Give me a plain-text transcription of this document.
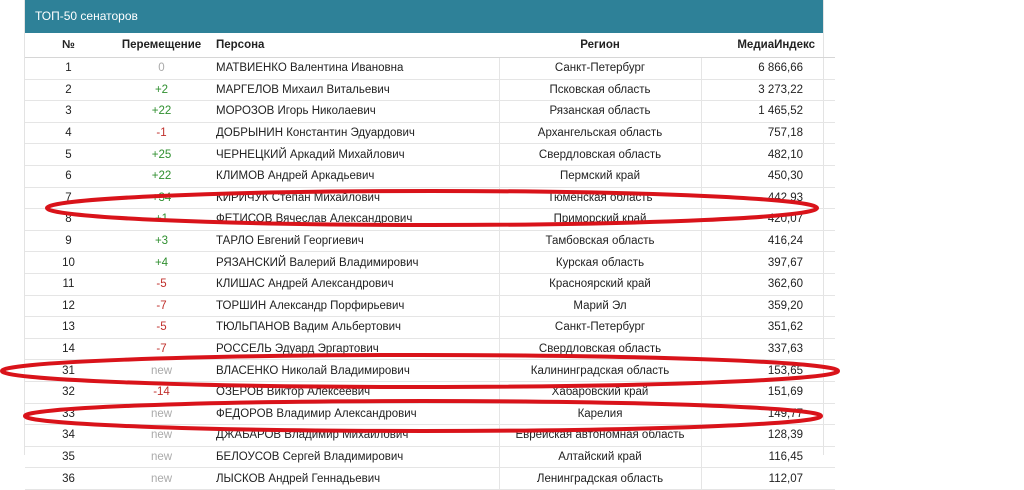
ТОП-50 сенаторов
№	Перемещение	Персона	Регион	МедиаИндекс
1	0	МАТВИЕНКО Валентина Ивановна	Санкт-Петербург	6 866,66
2	+2	МАРГЕЛОВ Михаил Витальевич	Псковская область	3 273,22
3	+22	МОРОЗОВ Игорь Николаевич	Рязанская область	1 465,52
4	-1	ДОБРЫНИН Константин Эдуардович	Архангельская область	757,18
5	+25	ЧЕРНЕЦКИЙ Аркадий Михайлович	Свердловская область	482,10
6	+22	КЛИМОВ Андрей Аркадьевич	Пермский край	450,30
7	+34	КИРИЧУК Степан Михайлович	Тюменская область	442,93
8	+1	ФЕТИСОВ Вячеслав Александрович	Приморский край	420,07
9	+3	ТАРЛО Евгений Георгиевич	Тамбовская область	416,24
10	+4	РЯЗАНСКИЙ Валерий Владимирович	Курская область	397,67
11	-5	КЛИШАС Андрей Александрович	Красноярский край	362,60
12	-7	ТОРШИН Александр Порфирьевич	Марий Эл	359,20
13	-5	ТЮЛЬПАНОВ Вадим Альбертович	Санкт-Петербург	351,62
14	-7	РОССЕЛЬ Эдуард Эргартович	Свердловская область	337,63
31	new	ВЛАСЕНКО Николай Владимирович	Калининградская область	153,65
32	-14	ОЗЕРОВ Виктор Алексеевич	Хабаровский край	151,69
33	new	ФЕДОРОВ Владимир Александрович	Карелия	149,77
34	new	ДЖАБАРОВ Владимир Михайлович	Еврейская автономная область	128,39
35	new	БЕЛОУСОВ Сергей Владимирович	Алтайский край	116,45
36	new	ЛЫСКОВ Андрей Геннадьевич	Ленинградская область	112,07
